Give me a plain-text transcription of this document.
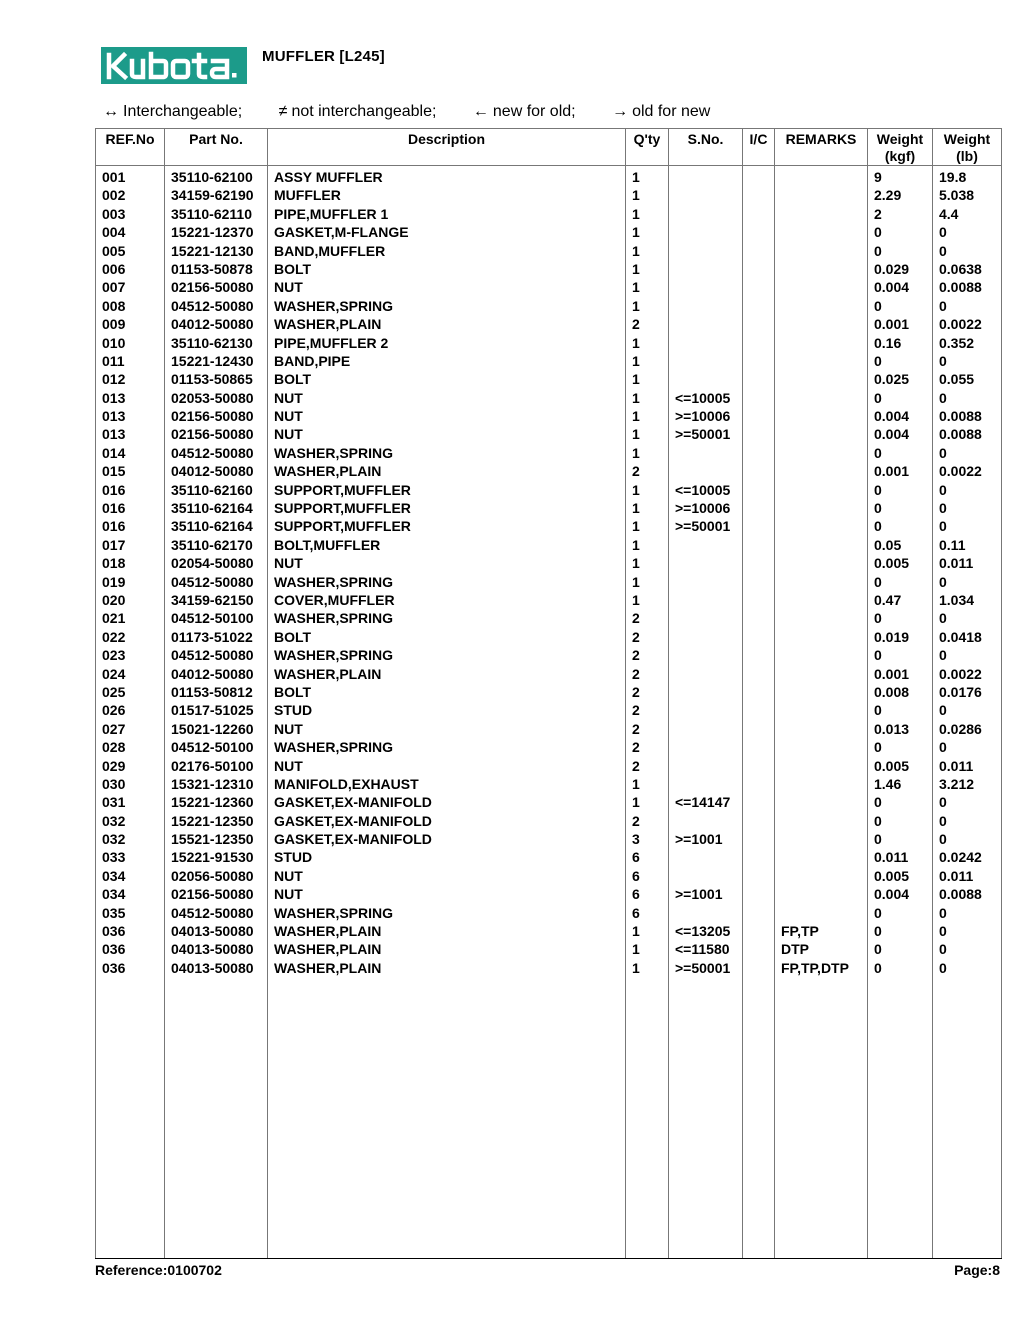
MUFFLER [L245]
↔ Interchangeable; ≠ not interchangeable; ← new for old; → old for new
REF.No	Part No.	Description	Q'ty	S.No.	I/C	REMARKS	Weight (kgf)	Weight (lb)
001	35110-62100	ASSY MUFFLER	1				9	19.8
002	34159-62190	MUFFLER	1				2.29	5.038
003	35110-62110	PIPE,MUFFLER 1	1				2	4.4
004	15221-12370	GASKET,M-FLANGE	1				0	0
005	15221-12130	BAND,MUFFLER	1				0	0
006	01153-50878	BOLT	1				0.029	0.0638
007	02156-50080	NUT	1				0.004	0.0088
008	04512-50080	WASHER,SPRING	1				0	0
009	04012-50080	WASHER,PLAIN	2				0.001	0.0022
010	35110-62130	PIPE,MUFFLER 2	1				0.16	0.352
011	15221-12430	BAND,PIPE	1				0	0
012	01153-50865	BOLT	1				0.025	0.055
013	02053-50080	NUT	1	<=10005			0	0
013	02156-50080	NUT	1	>=10006			0.004	0.0088
013	02156-50080	NUT	1	>=50001			0.004	0.0088
014	04512-50080	WASHER,SPRING	1				0	0
015	04012-50080	WASHER,PLAIN	2				0.001	0.0022
016	35110-62160	SUPPORT,MUFFLER	1	<=10005			0	0
016	35110-62164	SUPPORT,MUFFLER	1	>=10006			0	0
016	35110-62164	SUPPORT,MUFFLER	1	>=50001			0	0
017	35110-62170	BOLT,MUFFLER	1				0.05	0.11
018	02054-50080	NUT	1				0.005	0.011
019	04512-50080	WASHER,SPRING	1				0	0
020	34159-62150	COVER,MUFFLER	1				0.47	1.034
021	04512-50100	WASHER,SPRING	2				0	0
022	01173-51022	BOLT	2				0.019	0.0418
023	04512-50080	WASHER,SPRING	2				0	0
024	04012-50080	WASHER,PLAIN	2				0.001	0.0022
025	01153-50812	BOLT	2				0.008	0.0176
026	01517-51025	STUD	2				0	0
027	15021-12260	NUT	2				0.013	0.0286
028	04512-50100	WASHER,SPRING	2				0	0
029	02176-50100	NUT	2				0.005	0.011
030	15321-12310	MANIFOLD,EXHAUST	1				1.46	3.212
031	15221-12360	GASKET,EX-MANIFOLD	1	<=14147			0	0
032	15221-12350	GASKET,EX-MANIFOLD	2				0	0
032	15521-12350	GASKET,EX-MANIFOLD	3	>=1001			0	0
033	15221-91530	STUD	6				0.011	0.0242
034	02056-50080	NUT	6				0.005	0.011
034	02156-50080	NUT	6	>=1001			0.004	0.0088
035	04512-50080	WASHER,SPRING	6				0	0
036	04013-50080	WASHER,PLAIN	1	<=13205		FP,TP	0	0
036	04013-50080	WASHER,PLAIN	1	<=11580		DTP	0	0
036	04013-50080	WASHER,PLAIN	1	>=50001		FP,TP,DTP	0	0

Reference:0100702	Page:8
